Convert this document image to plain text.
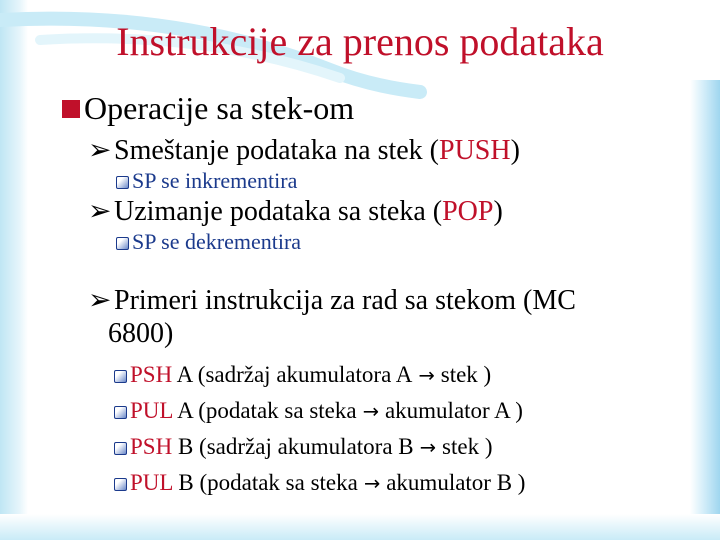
Instrukcije za prenos podataka
Operacije sa stek-om
➢Smeštanje podataka na stek (PUSH)
SP se inkrementira
➢Uzimanje podataka sa steka (POP)
SP se dekrementira
➢Primeri instrukcija za rad sa stekom (MC
6800)
PSH A (sadržaj akumulatora A → stek )
PUL A (podatak sa steka → akumulator A )
PSH B (sadržaj akumulatora B → stek )
PUL B (podatak sa steka → akumulator B )
